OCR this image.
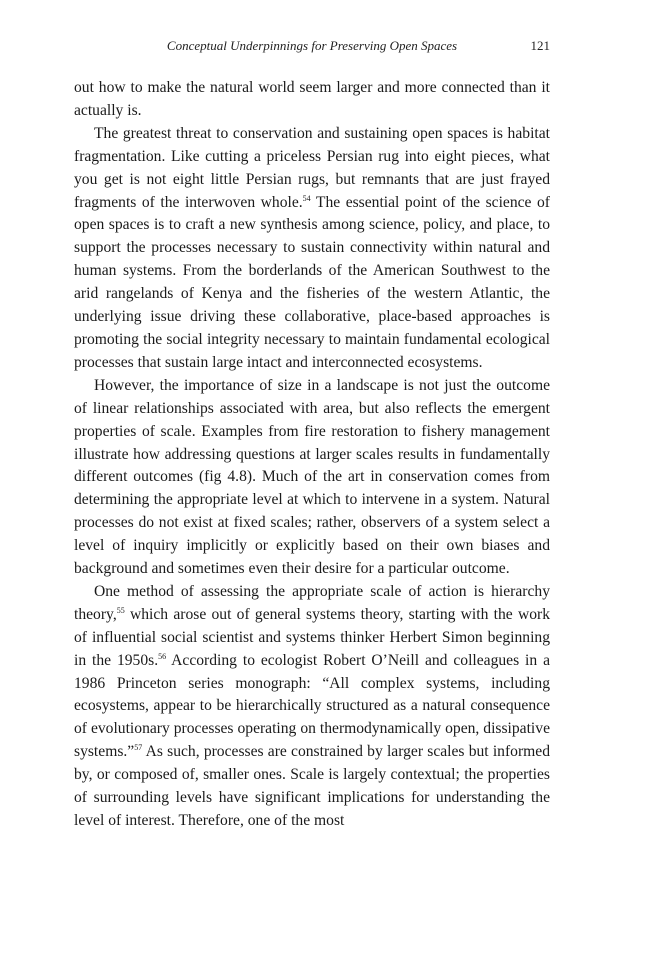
Conceptual Underpinnings for Preserving Open Spaces	121

out how to make the natural world seem larger and more connected than it actually is.

The greatest threat to conservation and sustaining open spaces is habitat fragmentation. Like cutting a priceless Persian rug into eight pieces, what you get is not eight little Persian rugs, but remnants that are just frayed fragments of the interwoven whole.$^{54}$ The essential point of the science of open spaces is to craft a new synthesis among science, policy, and place, to support the processes necessary to sustain connectivity within natural and human systems. From the borderlands of the American Southwest to the arid rangelands of Kenya and the fisheries of the western Atlantic, the underlying issue driving these collaborative, place-based approaches is promoting the social integrity necessary to maintain fundamental ecological processes that sustain large intact and interconnected ecosystems.

However, the importance of size in a landscape is not just the outcome of linear relationships associated with area, but also reflects the emergent properties of scale. Examples from fire restoration to fishery management illustrate how addressing questions at larger scales results in fundamentally different outcomes (fig 4.8). Much of the art in conservation comes from determining the appropriate level at which to intervene in a system. Natural processes do not exist at fixed scales; rather, observers of a system select a level of inquiry implicitly or explicitly based on their own biases and background and sometimes even their desire for a particular outcome.

One method of assessing the appropriate scale of action is hierarchy theory,$^{55}$ which arose out of general systems theory, starting with the work of influential social scientist and systems thinker Herbert Simon beginning in the 1950s.$^{56}$ According to ecologist Robert O’Neill and colleagues in a 1986 Princeton series monograph: “All complex systems, including ecosystems, appear to be hierarchically structured as a natural consequence of evolutionary processes operating on thermodynamically open, dissipative systems.”$^{57}$ As such, processes are constrained by larger scales but informed by, or composed of, smaller ones. Scale is largely contextual; the properties of surrounding levels have significant implications for understanding the level of interest. Therefore, one of the most
